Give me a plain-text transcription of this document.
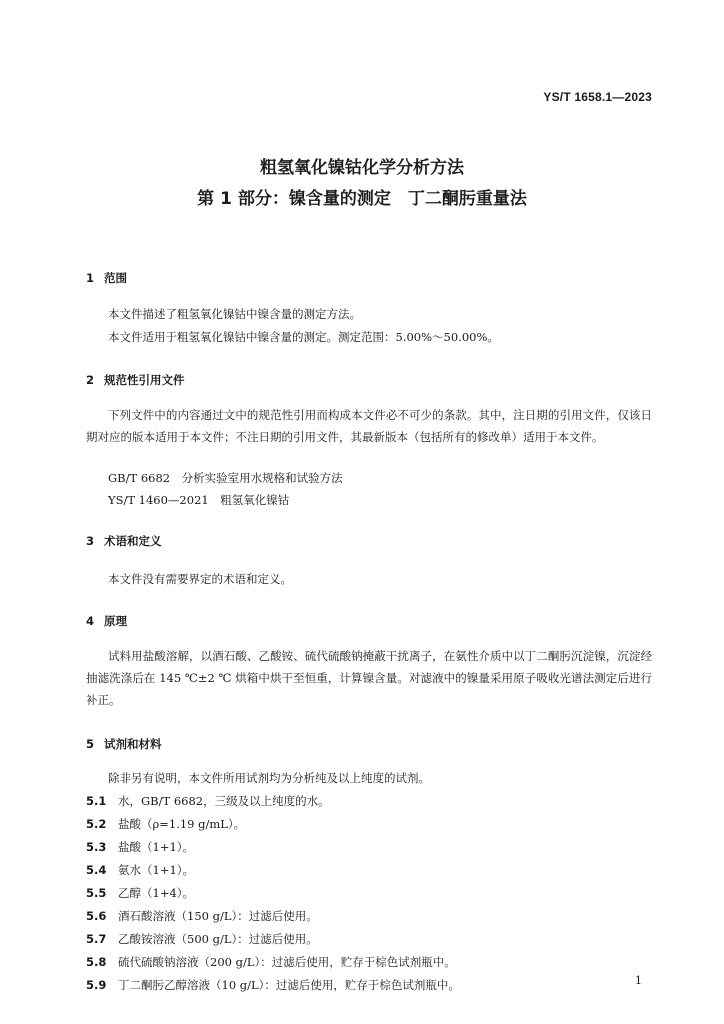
YS/T 1658.1—2023
粗氢氧化镍钴化学分析方法
第 1 部分：镍含量的测定　丁二酮肟重量法
1 范围
本文件描述了粗氢氧化镍钴中镍含量的测定方法。
本文件适用于粗氢氧化镍钴中镍含量的测定。测定范围：5.00%～50.00%。
2 规范性引用文件
下列文件中的内容通过文中的规范性引用而构成本文件必不可少的条款。其中，注日期的引用文件，仅该日期对应的版本适用于本文件；不注日期的引用文件，其最新版本（包括所有的修改单）适用于本文件。
GB/T 6682　分析实验室用水规格和试验方法
YS/T 1460—2021　粗氢氧化镍钴
3 术语和定义
本文件没有需要界定的术语和定义。
4 原理
试料用盐酸溶解，以酒石酸、乙酸铵、硫代硫酸钠掩蔽干扰离子，在氨性介质中以丁二酮肟沉淀镍，沉淀经抽滤洗涤后在 145 ℃±2 ℃ 烘箱中烘干至恒重，计算镍含量。对滤液中的镍量采用原子吸收光谱法测定后进行补正。
5 试剂和材料
除非另有说明，本文件所用试剂均为分析纯及以上纯度的试剂。
5.1 水，GB/T 6682，三级及以上纯度的水。
5.2 盐酸（ρ=1.19 g/mL）。
5.3 盐酸（1+1）。
5.4 氨水（1+1）。
5.5 乙醇（1+4）。
5.6 酒石酸溶液（150 g/L）：过滤后使用。
5.7 乙酸铵溶液（500 g/L）：过滤后使用。
5.8 硫代硫酸钠溶液（200 g/L）：过滤后使用，贮存于棕色试剂瓶中。
5.9 丁二酮肟乙醇溶液（10 g/L）：过滤后使用，贮存于棕色试剂瓶中。	1
